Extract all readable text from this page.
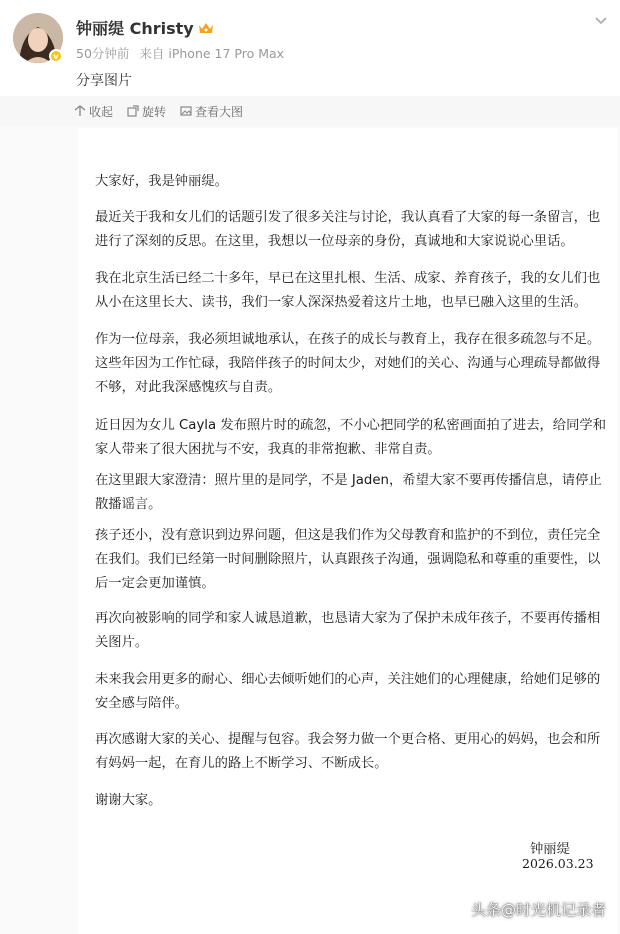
v
钟丽缇 Christy
50分钟前 来自 iPhone 17 Pro Max
分享图片
收起 旋转 查看大图
大家好，我是钟丽缇。
最近关于我和女儿们的话题引发了很多关注与讨论，我认真看了大家的每一条留言，也进行了深刻的反思。在这里，我想以一位母亲的身份，真诚地和大家说说心里话。
我在北京生活已经二十多年，早已在这里扎根、生活、成家、养育孩子，我的女儿们也从小在这里长大、读书，我们一家人深深热爱着这片土地，也早已融入这里的生活。
作为一位母亲，我必须坦诚地承认，在孩子的成长与教育上，我存在很多疏忽与不足。这些年因为工作忙碌，我陪伴孩子的时间太少，对她们的关心、沟通与心理疏导都做得不够，对此我深感愧疚与自责。
近日因为女儿 Cayla 发布照片时的疏忽，不小心把同学的私密画面拍了进去，给同学和家人带来了很大困扰与不安，我真的非常抱歉、非常自责。
在这里跟大家澄清：照片里的是同学，不是 Jaden，希望大家不要再传播信息，请停止散播谣言。
孩子还小，没有意识到边界问题，但这是我们作为父母教育和监护的不到位，责任完全在我们。我们已经第一时间删除照片，认真跟孩子沟通，强调隐私和尊重的重要性，以后一定会更加谨慎。
再次向被影响的同学和家人诚恳道歉，也恳请大家为了保护未成年孩子，不要再传播相关图片。
未来我会用更多的耐心、细心去倾听她们的心声，关注她们的心理健康，给她们足够的安全感与陪伴。
再次感谢大家的关心、提醒与包容。我会努力做一个更合格、更用心的妈妈，也会和所有妈妈一起，在育儿的路上不断学习、不断成长。
谢谢大家。
钟丽缇
2026.03.23
头条@时光机记录者
